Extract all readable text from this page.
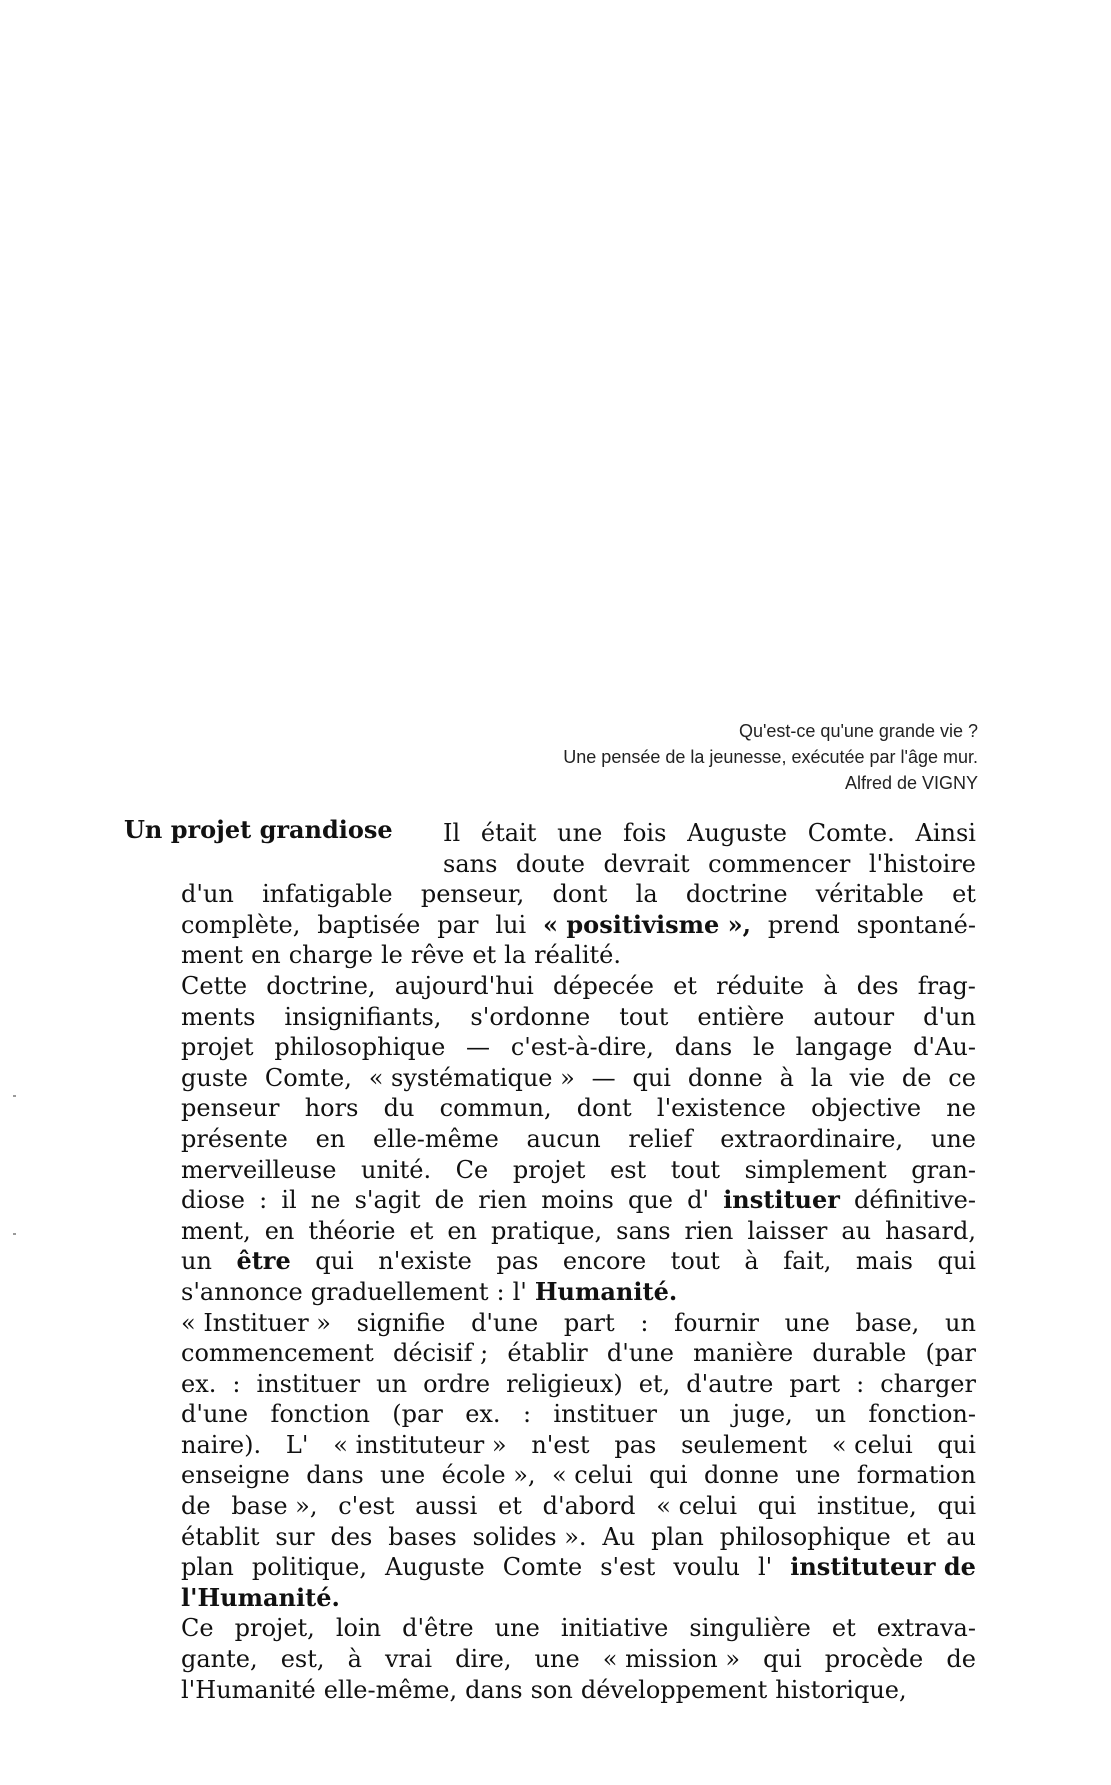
Qu'est-ce qu'une grande vie ?
Une pensée de la jeunesse, exécutée par l'âge mur.
Alfred de VIGNY
Un projet grandiose Il était une fois Auguste Comte. Ainsi
sans doute devrait commencer l'histoire
d'un infatigable penseur, dont la doctrine véritable et
complète, baptisée par lui « positivisme », prend spontané-
ment en charge le rêve et la réalité.
Cette doctrine, aujourd'hui dépecée et réduite à des frag-
ments insignifiants, s'ordonne tout entière autour d'un
projet philosophique — c'est-à-dire, dans le langage d'Au-
guste Comte, « systématique » — qui donne à la vie de ce
penseur hors du commun, dont l'existence objective ne
présente en elle-même aucun relief extraordinaire, une
merveilleuse unité. Ce projet est tout simplement gran-
diose : il ne s'agit de rien moins que d' instituer définitive-
ment, en théorie et en pratique, sans rien laisser au hasard,
un être qui n'existe pas encore tout à fait, mais qui
s'annonce graduellement : l' Humanité.
« Instituer » signifie d'une part : fournir une base, un
commencement décisif ; établir d'une manière durable (par
ex. : instituer un ordre religieux) et, d'autre part : charger
d'une fonction (par ex. : instituer un juge, un fonction-
naire). L' « instituteur » n'est pas seulement « celui qui
enseigne dans une école », « celui qui donne une formation
de base », c'est aussi et d'abord « celui qui institue, qui
établit sur des bases solides ». Au plan philosophique et au
plan politique, Auguste Comte s'est voulu l' instituteur de
l'Humanité.
Ce projet, loin d'être une initiative singulière et extrava-
gante, est, à vrai dire, une « mission » qui procède de
l'Humanité elle-même, dans son développement historique,
